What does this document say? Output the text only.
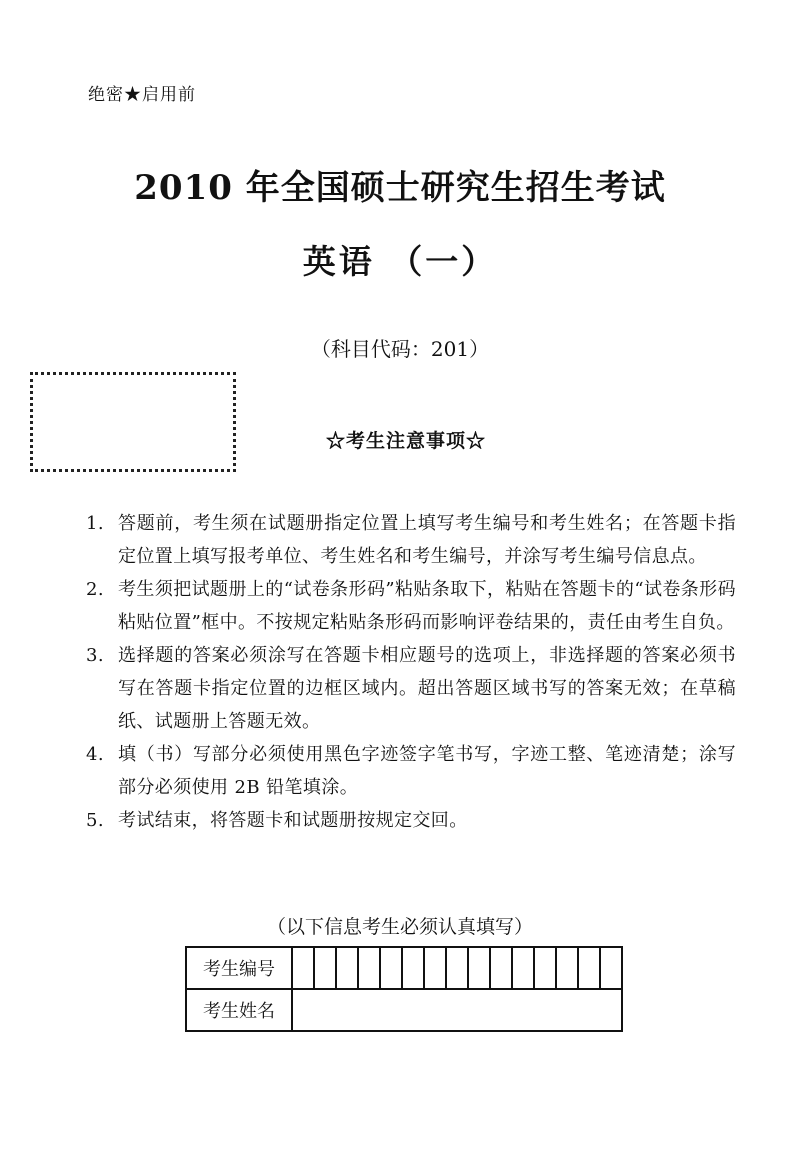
绝密★启用前
2010 年全国硕士研究生招生考试
英语 （一）
（科目代码：201）
☆考生注意事项☆
1. 答题前，考生须在试题册指定位置上填写考生编号和考生姓名；在答题卡指定位置上填写报考单位、考生姓名和考生编号，并涂写考生编号信息点。
2. 考生须把试题册上的“试卷条形码”粘贴条取下，粘贴在答题卡的“试卷条形码粘贴位置”框中。不按规定粘贴条形码而影响评卷结果的，责任由考生自负。
3. 选择题的答案必须涂写在答题卡相应题号的选项上，非选择题的答案必须书写在答题卡指定位置的边框区域内。超出答题区域书写的答案无效；在草稿纸、试题册上答题无效。
4. 填（书）写部分必须使用黑色字迹签字笔书写，字迹工整、笔迹清楚；涂写部分必须使用 2B 铅笔填涂。
5. 考试结束，将答题卡和试题册按规定交回。
（以下信息考生必须认真填写）
考生编号															
考生姓名															
